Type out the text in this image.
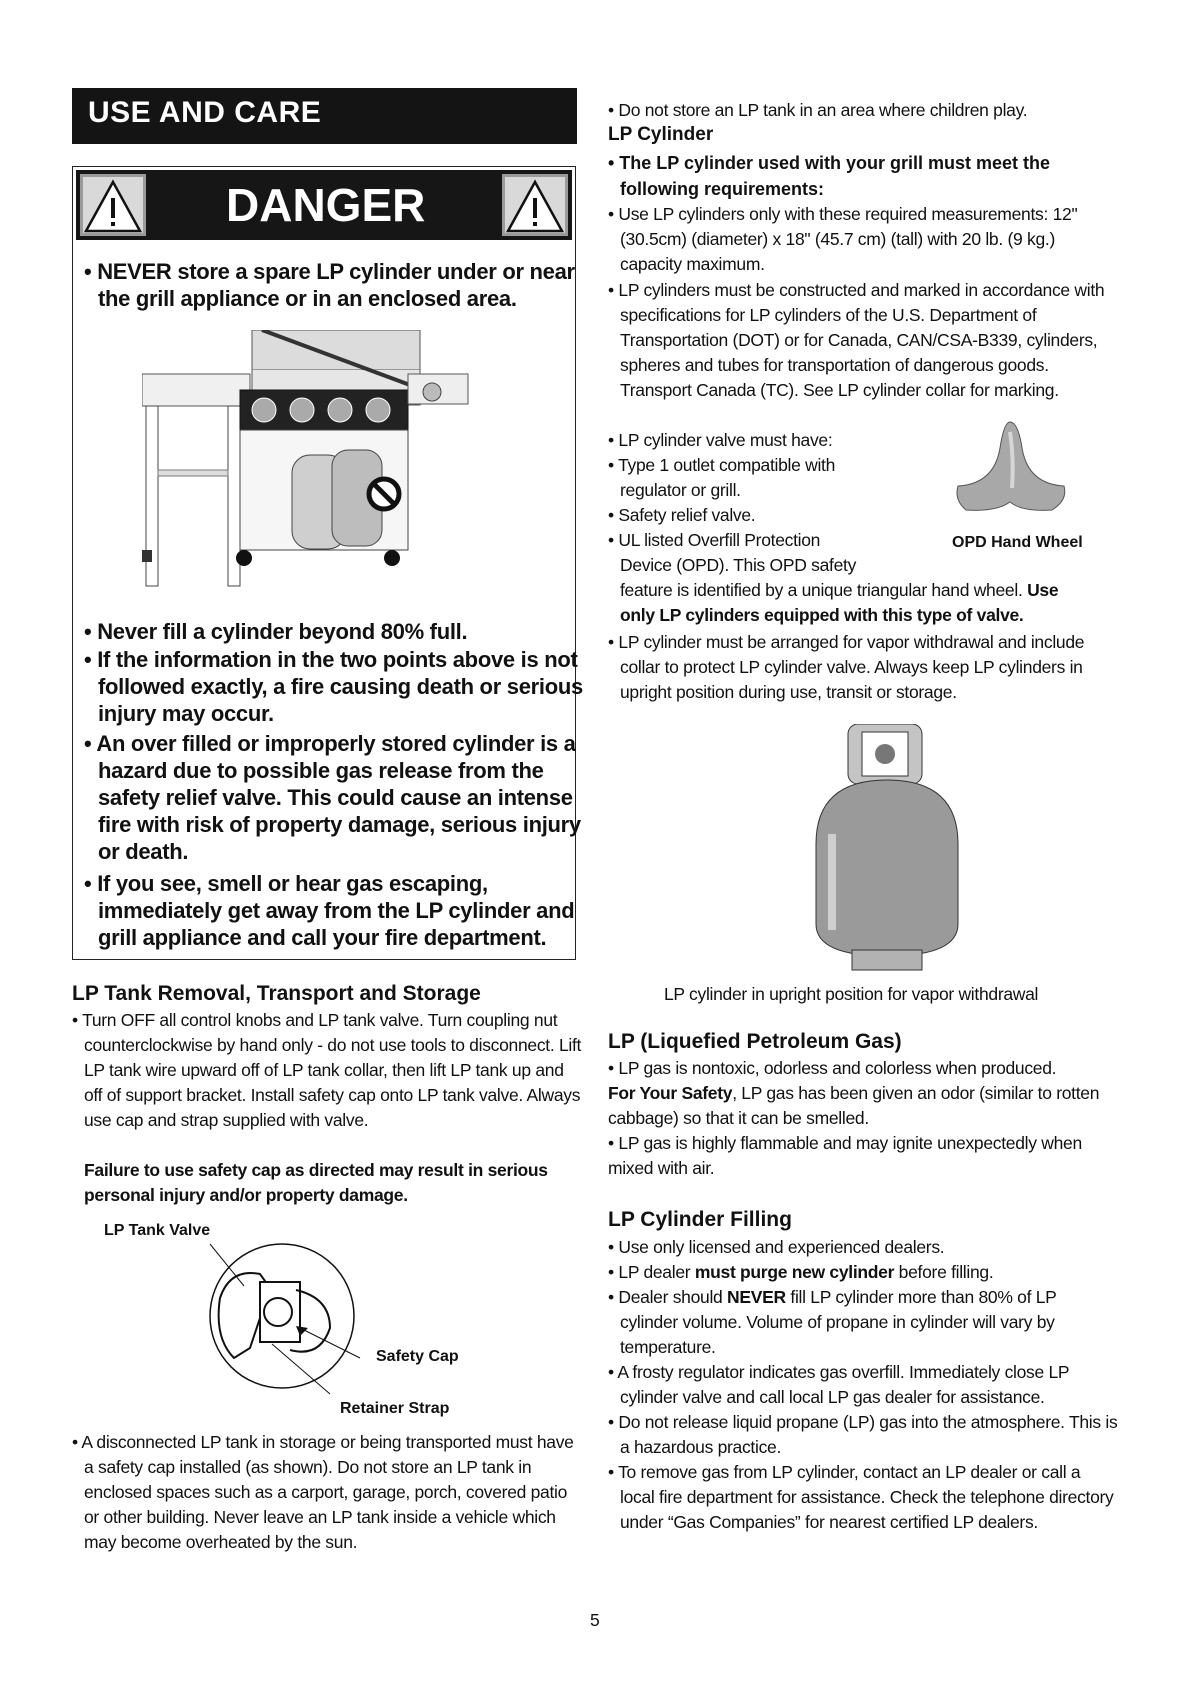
USE AND CARE
DANGER
• NEVER store a spare LP cylinder under or near the grill appliance or in an enclosed area.
• Never fill a cylinder beyond 80% full.
• If the information in the two points above is not followed exactly, a fire causing death or serious injury may occur.
• An over filled or improperly stored cylinder is a hazard due to possible gas release from the safety relief valve. This could cause an intense fire with risk of property damage, serious injury or death.
• If you see, smell or hear gas escaping, immediately get away from the LP cylinder and grill appliance and call your fire department.
LP Tank Removal, Transport and Storage
• Turn OFF all control knobs and LP tank valve. Turn coupling nut counterclockwise by hand only - do not use tools to disconnect. Lift LP tank wire upward off of LP tank collar, then lift LP tank up and off of support bracket. Install safety cap onto LP tank valve. Always use cap and strap supplied with valve.
Failure to use safety cap as directed may result in serious personal injury and/or property damage.
LP Tank Valve
Safety Cap
Retainer Strap
• A disconnected LP tank in storage or being transported must have a safety cap installed (as shown). Do not store an LP tank in enclosed spaces such as a carport, garage, porch, covered patio or other building. Never leave an LP tank inside a vehicle which may become overheated by the sun.
• Do not store an LP tank in an area where children play.
LP Cylinder
• The LP cylinder used with your grill must meet the following requirements:
• Use LP cylinders only with these required measurements: 12" (30.5cm) (diameter) x 18" (45.7 cm) (tall) with 20 lb. (9 kg.) capacity maximum.
• LP cylinders must be constructed and marked in accordance with specifications for LP cylinders of the U.S. Department of Transportation (DOT) or for Canada, CAN/CSA-B339, cylinders, spheres and tubes for transportation of dangerous goods. Transport Canada (TC). See LP cylinder collar for marking.
• LP cylinder valve must have:
• Type 1 outlet compatible with regulator or grill.
• Safety relief valve.
• UL listed Overfill Protection
Device (OPD). This OPD safety
feature is identified by a unique triangular hand wheel. Use only LP cylinders equipped with this type of valve.
OPD Hand Wheel
• LP cylinder must be arranged for vapor withdrawal and include collar to protect LP cylinder valve. Always keep LP cylinders in upright position during use, transit or storage.
LP cylinder in upright position for vapor withdrawal
LP (Liquefied Petroleum Gas)
• LP gas is nontoxic, odorless and colorless when produced.
For Your Safety, LP gas has been given an odor (similar to rotten cabbage) so that it can be smelled.
• LP gas is highly flammable and may ignite unexpectedly when mixed with air.
LP Cylinder Filling
• Use only licensed and experienced dealers.
• LP dealer must purge new cylinder before filling.
• Dealer should NEVER fill LP cylinder more than 80% of LP cylinder volume. Volume of propane in cylinder will vary by temperature.
• A frosty regulator indicates gas overfill. Immediately close LP cylinder valve and call local LP gas dealer for assistance.
• Do not release liquid propane (LP) gas into the atmosphere. This is a hazardous practice.
• To remove gas from LP cylinder, contact an LP dealer or call a local fire department for assistance. Check the telephone directory under “Gas Companies” for nearest certified LP dealers.
5
